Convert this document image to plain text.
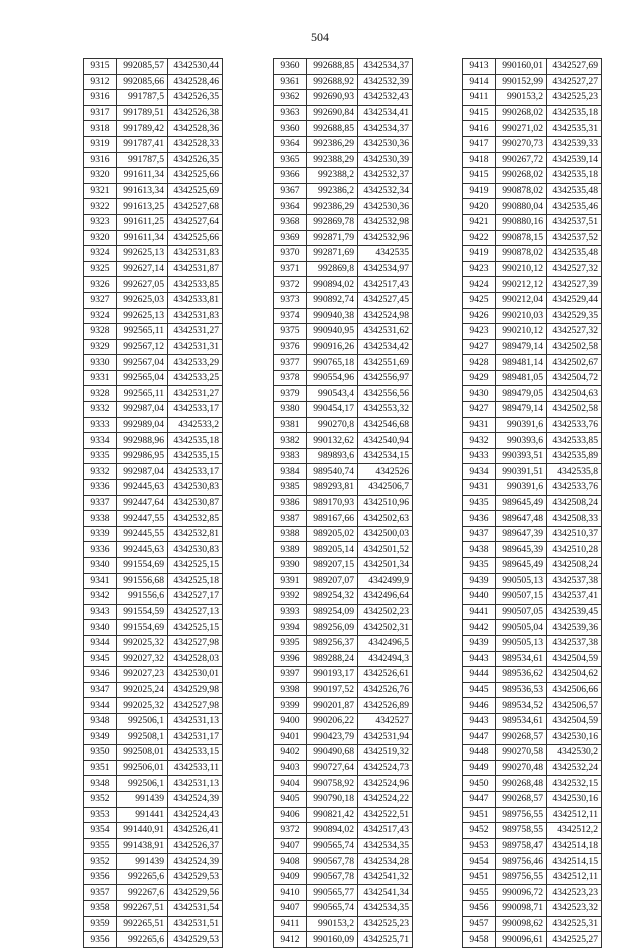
504
9315	992085,57	4342530,44
9312	992085,66	4342528,46
9316	991787,5	4342526,35
9317	991789,51	4342526,38
9318	991789,42	4342528,36
9319	991787,41	4342528,33
9316	991787,5	4342526,35
9320	991611,34	4342525,66
9321	991613,34	4342525,69
9322	991613,25	4342527,68
9323	991611,25	4342527,64
9320	991611,34	4342525,66
9324	992625,13	4342531,83
9325	992627,14	4342531,87
9326	992627,05	4342533,85
9327	992625,03	4342533,81
9324	992625,13	4342531,83
9328	992565,11	4342531,27
9329	992567,12	4342531,31
9330	992567,04	4342533,29
9331	992565,04	4342533,25
9328	992565,11	4342531,27
9332	992987,04	4342533,17
9333	992989,04	4342533,2
9334	992988,96	4342535,18
9335	992986,95	4342535,15
9332	992987,04	4342533,17
9336	992445,63	4342530,83
9337	992447,64	4342530,87
9338	992447,55	4342532,85
9339	992445,55	4342532,81
9336	992445,63	4342530,83
9340	991554,69	4342525,15
9341	991556,68	4342525,18
9342	991556,6	4342527,17
9343	991554,59	4342527,13
9340	991554,69	4342525,15
9344	992025,32	4342527,98
9345	992027,32	4342528,03
9346	992027,23	4342530,01
9347	992025,24	4342529,98
9344	992025,32	4342527,98
9348	992506,1	4342531,13
9349	992508,1	4342531,17
9350	992508,01	4342533,15
9351	992506,01	4342533,11
9348	992506,1	4342531,13
9352	991439	4342524,39
9353	991441	4342524,43
9354	991440,91	4342526,41
9355	991438,91	4342526,37
9352	991439	4342524,39
9356	992265,6	4342529,53
9357	992267,6	4342529,56
9358	992267,51	4342531,54
9359	992265,51	4342531,51
9356	992265,6	4342529,53
9360	992688,85	4342534,37
9361	992688,92	4342532,39
9362	992690,93	4342532,43
9363	992690,84	4342534,41
9360	992688,85	4342534,37
9364	992386,29	4342530,36
9365	992388,29	4342530,39
9366	992388,2	4342532,37
9367	992386,2	4342532,34
9364	992386,29	4342530,36
9368	992869,78	4342532,98
9369	992871,79	4342532,96
9370	992871,69	4342535
9371	992869,8	4342534,97
9372	990894,02	4342517,43
9373	990892,74	4342527,45
9374	990940,38	4342524,98
9375	990940,95	4342531,62
9376	990916,26	4342534,42
9377	990765,18	4342551,69
9378	990554,96	4342556,97
9379	990543,4	4342556,56
9380	990454,17	4342553,32
9381	990270,8	4342546,68
9382	990132,62	4342540,94
9383	989893,6	4342534,15
9384	989540,74	4342526
9385	989293,81	4342506,7
9386	989170,93	4342510,96
9387	989167,66	4342502,63
9388	989205,02	4342500,03
9389	989205,14	4342501,52
9390	989207,15	4342501,34
9391	989207,07	4342499,9
9392	989254,32	4342496,64
9393	989254,09	4342502,23
9394	989256,09	4342502,31
9395	989256,37	4342496,5
9396	989288,24	4342494,3
9397	990193,17	4342526,61
9398	990197,52	4342526,76
9399	990201,87	4342526,89
9400	990206,22	4342527
9401	990423,79	4342531,94
9402	990490,68	4342519,32
9403	990727,64	4342524,73
9404	990758,92	4342524,96
9405	990790,18	4342524,22
9406	990821,42	4342522,51
9372	990894,02	4342517,43
9407	990565,74	4342534,35
9408	990567,78	4342534,28
9409	990567,78	4342541,32
9410	990565,77	4342541,34
9407	990565,74	4342534,35
9411	990153,2	4342525,23
9412	990160,09	4342525,71
9413	990160,01	4342527,69
9414	990152,99	4342527,27
9411	990153,2	4342525,23
9415	990268,02	4342535,18
9416	990271,02	4342535,31
9417	990270,73	4342539,33
9418	990267,72	4342539,14
9415	990268,02	4342535,18
9419	990878,02	4342535,48
9420	990880,04	4342535,46
9421	990880,16	4342537,51
9422	990878,15	4342537,52
9419	990878,02	4342535,48
9423	990210,12	4342527,32
9424	990212,12	4342527,39
9425	990212,04	4342529,44
9426	990210,03	4342529,35
9423	990210,12	4342527,32
9427	989479,14	4342502,58
9428	989481,14	4342502,67
9429	989481,05	4342504,72
9430	989479,05	4342504,63
9427	989479,14	4342502,58
9431	990391,6	4342533,76
9432	990393,6	4342533,85
9433	990393,51	4342535,89
9434	990391,51	4342535,8
9431	990391,6	4342533,76
9435	989645,49	4342508,24
9436	989647,48	4342508,33
9437	989647,39	4342510,37
9438	989645,39	4342510,28
9435	989645,49	4342508,24
9439	990505,13	4342537,38
9440	990507,15	4342537,41
9441	990507,05	4342539,45
9442	990505,04	4342539,36
9439	990505,13	4342537,38
9443	989534,61	4342504,59
9444	989536,62	4342504,62
9445	989536,53	4342506,66
9446	989534,52	4342506,57
9443	989534,61	4342504,59
9447	990268,57	4342530,16
9448	990270,58	4342530,2
9449	990270,48	4342532,24
9450	990268,48	4342532,15
9447	990268,57	4342530,16
9451	989756,55	4342512,11
9452	989758,55	4342512,2
9453	989758,47	4342514,18
9454	989756,46	4342514,15
9451	989756,55	4342512,11
9455	990096,72	4342523,23
9456	990098,71	4342523,32
9457	990098,62	4342525,31
9458	990096,61	4342525,27
